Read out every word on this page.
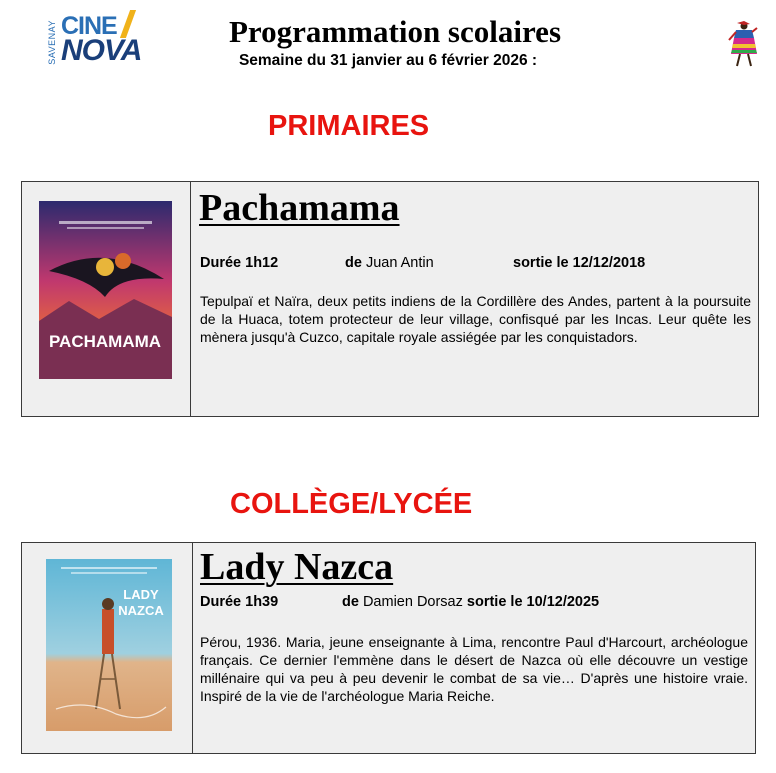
SAVENAY CINE
NOVA
Programmation scolaires
Semaine du 31 janvier au 6 février 2026 :
PRIMAIRES
PACHAMAMA
Pachamama
Durée 1h12	de Juan Antin	sortie le 12/12/2018
Tepulpaï et Naïra, deux petits indiens de la Cordillère des Andes, partent à la poursuite de la Huaca, totem protecteur de leur village, confisqué par les Incas. Leur quête les mènera jusqu'à Cuzco, capitale royale assiégée par les conquistadors.
COLLÈGE/LYCÉE
LADY
NAZCA
Lady Nazca
Durée 1h39	de Damien Dorsaz sortie le 10/12/2025
Pérou, 1936. Maria, jeune enseignante à Lima, rencontre Paul d'Harcourt, archéologue français. Ce dernier l'emmène dans le désert de Nazca où elle découvre un vestige millénaire qui va peu à peu devenir le combat de sa vie… D'après une histoire vraie. Inspiré de la vie de l'archéologue Maria Reiche.
